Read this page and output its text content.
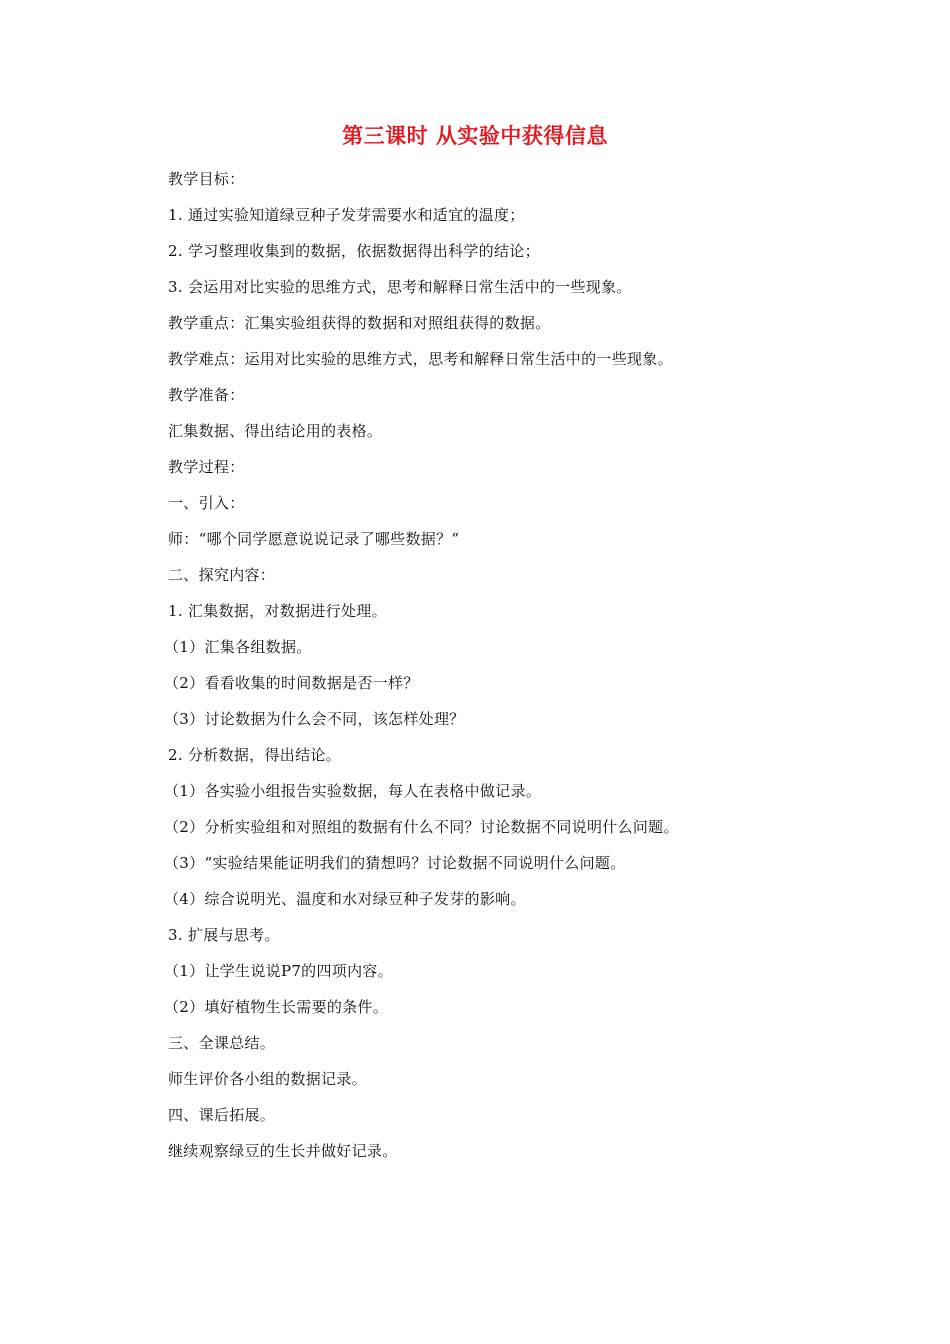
第三课时 从实验中获得信息
教学目标：
1. 通过实验知道绿豆种子发芽需要水和适宜的温度；
2. 学习整理收集到的数据，依据数据得出科学的结论；
3. 会运用对比实验的思维方式，思考和解释日常生活中的一些现象。
教学重点：汇集实验组获得的数据和对照组获得的数据。
教学难点：运用对比实验的思维方式，思考和解释日常生活中的一些现象。
教学准备：
汇集数据、得出结论用的表格。
教学过程：
一、引入：
师：“哪个同学愿意说说记录了哪些数据？”
二、探究内容：
1. 汇集数据，对数据进行处理。
（1）汇集各组数据。
（2）看看收集的时间数据是否一样？
（3）讨论数据为什么会不同，该怎样处理？
2. 分析数据，得出结论。
（1）各实验小组报告实验数据，每人在表格中做记录。
（2）分析实验组和对照组的数据有什么不同？讨论数据不同说明什么问题。
（3）“实验结果能证明我们的猜想吗？讨论数据不同说明什么问题。
（4）综合说明光、温度和水对绿豆种子发芽的影响。
3. 扩展与思考。
（1）让学生说说P7的四项内容。
（2）填好植物生长需要的条件。
三、全课总结。
师生评价各小组的数据记录。
四、课后拓展。
继续观察绿豆的生长并做好记录。
